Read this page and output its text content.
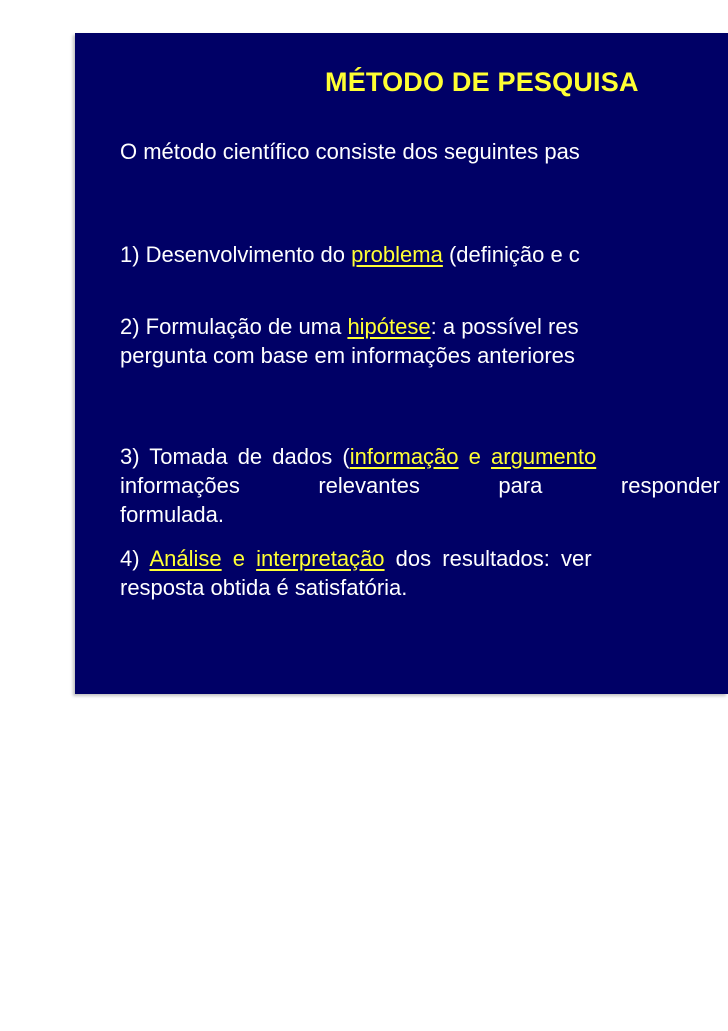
MÉTODO DE PESQUISA
O método científico consiste dos seguintes pas
1) Desenvolvimento do problema (definição e c
2) Formulação de uma hipótese: a possível res
pergunta com base em informações anteriores
3) Tomada de dados (informação e argumento
informações	relevantes	para	responder
formulada.
4) Análise e interpretação dos resultados: ver
resposta obtida é satisfatória.
